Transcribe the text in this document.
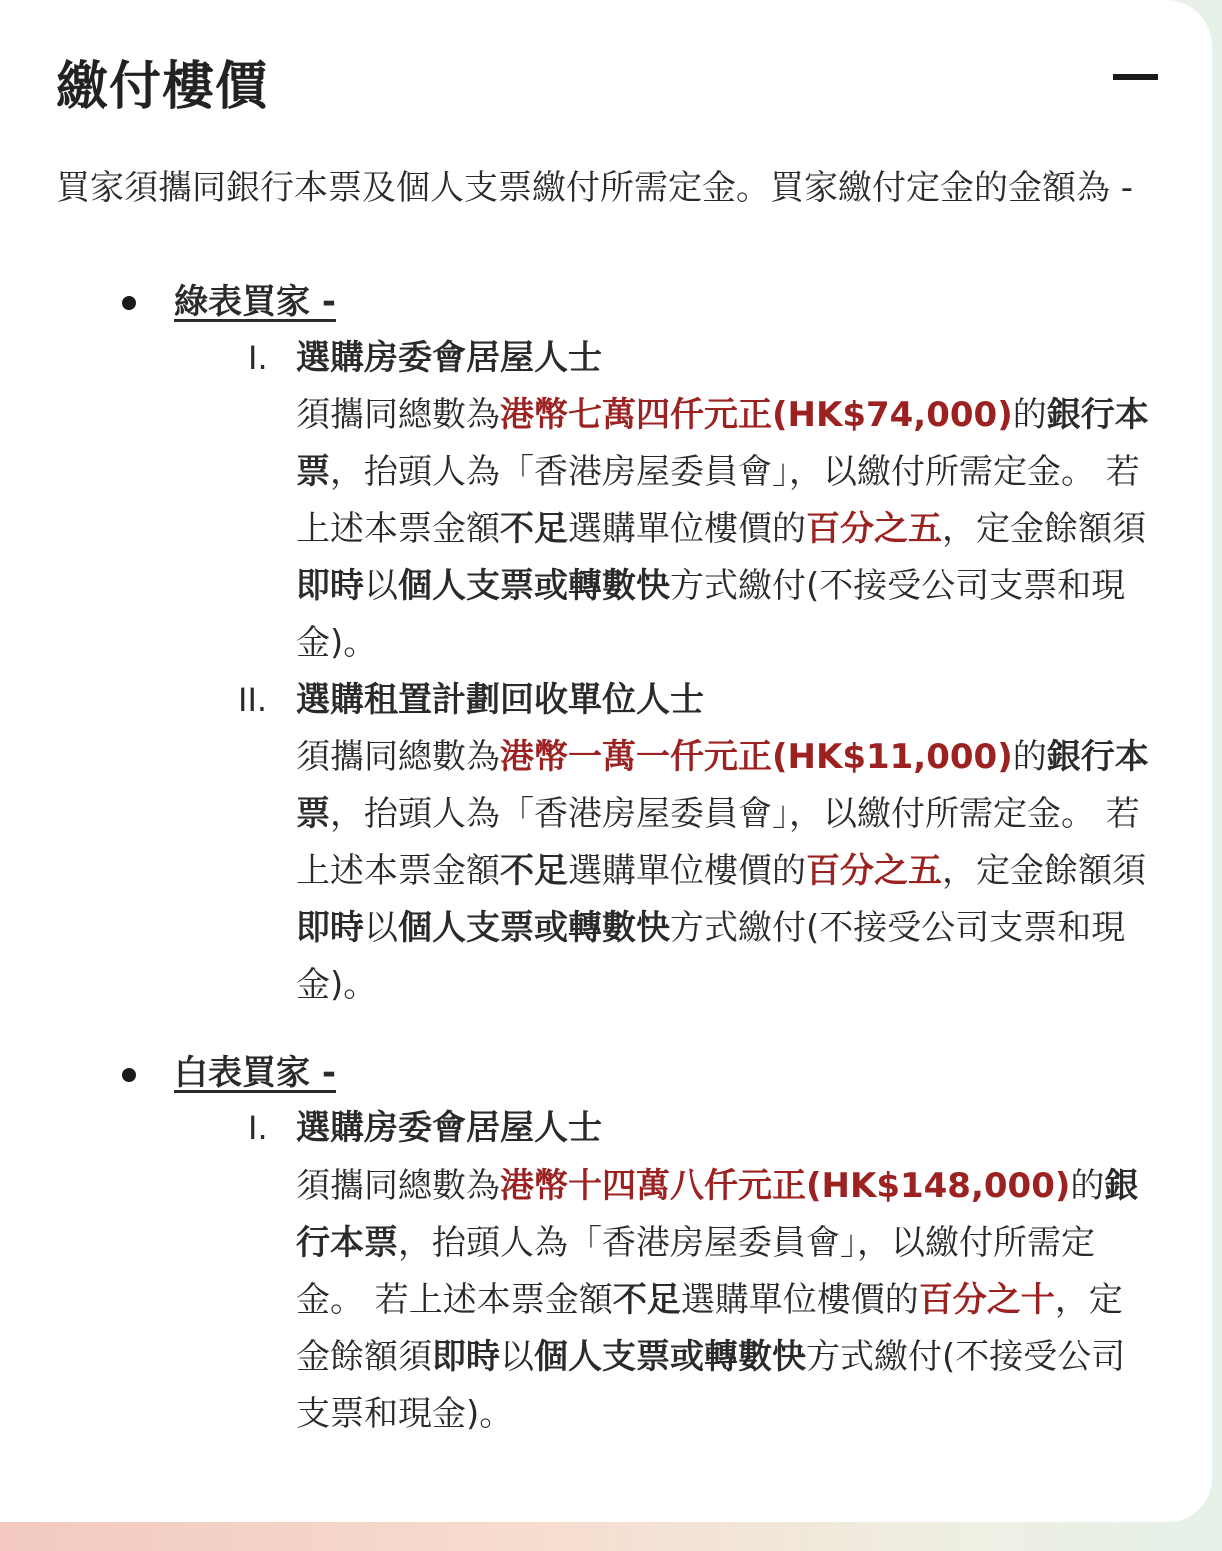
繳付樓價
買家須攜同銀行本票及個人支票繳付所需定金。買家繳付定金的金額為 -
綠表買家 -
I. 選購房委會居屋人士
須攜同總數為港幣七萬四仟元正(HK$74,000)的銀行本票，抬頭人為「香港房屋委員會」，以繳付所需定金。 若上述本票金額不足選購單位樓價的百分之五，定金餘額須即時以個人支票或轉數快方式繳付(不接受公司支票和現金)。
II. 選購租置計劃回收單位人士
須攜同總數為港幣一萬一仟元正(HK$11,000)的銀行本票，抬頭人為「香港房屋委員會」，以繳付所需定金。 若上述本票金額不足選購單位樓價的百分之五，定金餘額須即時以個人支票或轉數快方式繳付(不接受公司支票和現金)。
白表買家 -
I. 選購房委會居屋人士
須攜同總數為港幣十四萬八仟元正(HK$148,000)的銀行本票，抬頭人為「香港房屋委員會」，以繳付所需定金。 若上述本票金額不足選購單位樓價的百分之十，定金餘額須即時以個人支票或轉數快方式繳付(不接受公司支票和現金)。
